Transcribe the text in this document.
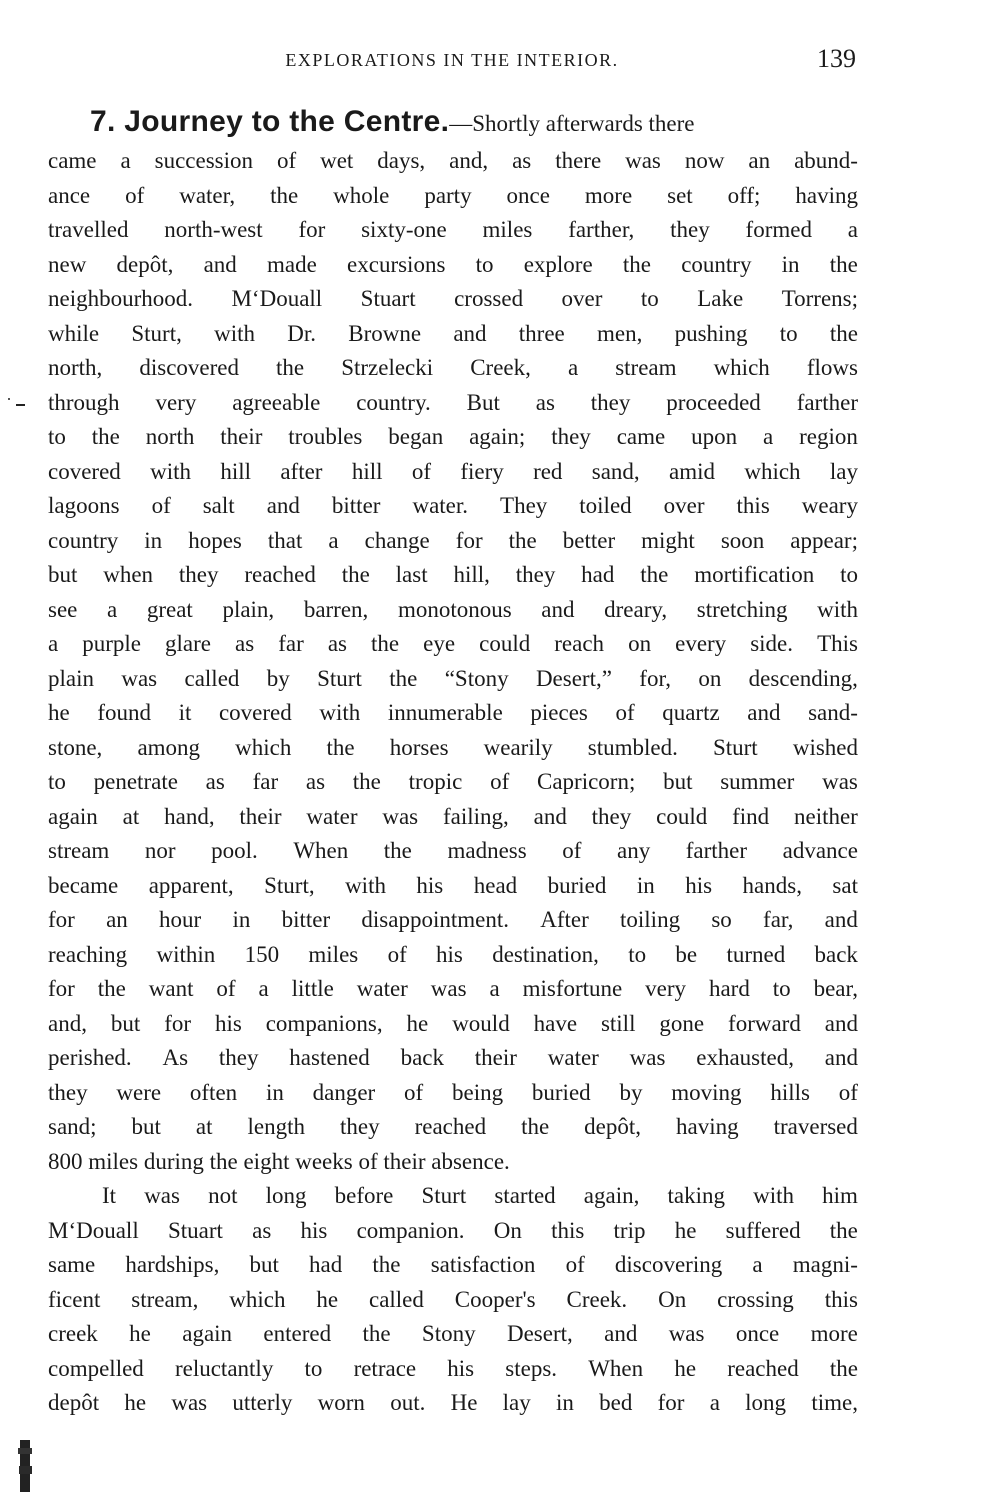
EXPLORATIONS IN THE INTERIOR.	139
7. Journey to the Centre.—Shortly afterwards there
came a succession of wet days, and, as there was now an abund-
ance of water, the whole party once more set off; having
travelled north-west for sixty-one miles farther, they formed a
new depôt, and made excursions to explore the country in the
neighbourhood. M‘Douall Stuart crossed over to Lake Torrens;
while Sturt, with Dr. Browne and three men, pushing to the
north, discovered the Strzelecki Creek, a stream which flows
through very agreeable country. But as they proceeded farther
to the north their troubles began again; they came upon a region
covered with hill after hill of fiery red sand, amid which lay
lagoons of salt and bitter water. They toiled over this weary
country in hopes that a change for the better might soon appear;
but when they reached the last hill, they had the mortification to
see a great plain, barren, monotonous and dreary, stretching with
a purple glare as far as the eye could reach on every side. This
plain was called by Sturt the “Stony Desert,” for, on descending,
he found it covered with innumerable pieces of quartz and sand-
stone, among which the horses wearily stumbled. Sturt wished
to penetrate as far as the tropic of Capricorn; but summer was
again at hand, their water was failing, and they could find neither
stream nor pool. When the madness of any farther advance
became apparent, Sturt, with his head buried in his hands, sat
for an hour in bitter disappointment. After toiling so far, and
reaching within 150 miles of his destination, to be turned back
for the want of a little water was a misfortune very hard to bear,
and, but for his companions, he would have still gone forward and
perished. As they hastened back their water was exhausted, and
they were often in danger of being buried by moving hills of
sand; but at length they reached the depôt, having traversed
800 miles during the eight weeks of their absence.
It was not long before Sturt started again, taking with him
M‘Douall Stuart as his companion. On this trip he suffered the
same hardships, but had the satisfaction of discovering a magni-
ficent stream, which he called Cooper's Creek. On crossing this
creek he again entered the Stony Desert, and was once more
compelled reluctantly to retrace his steps. When he reached the
depôt he was utterly worn out. He lay in bed for a long time,
